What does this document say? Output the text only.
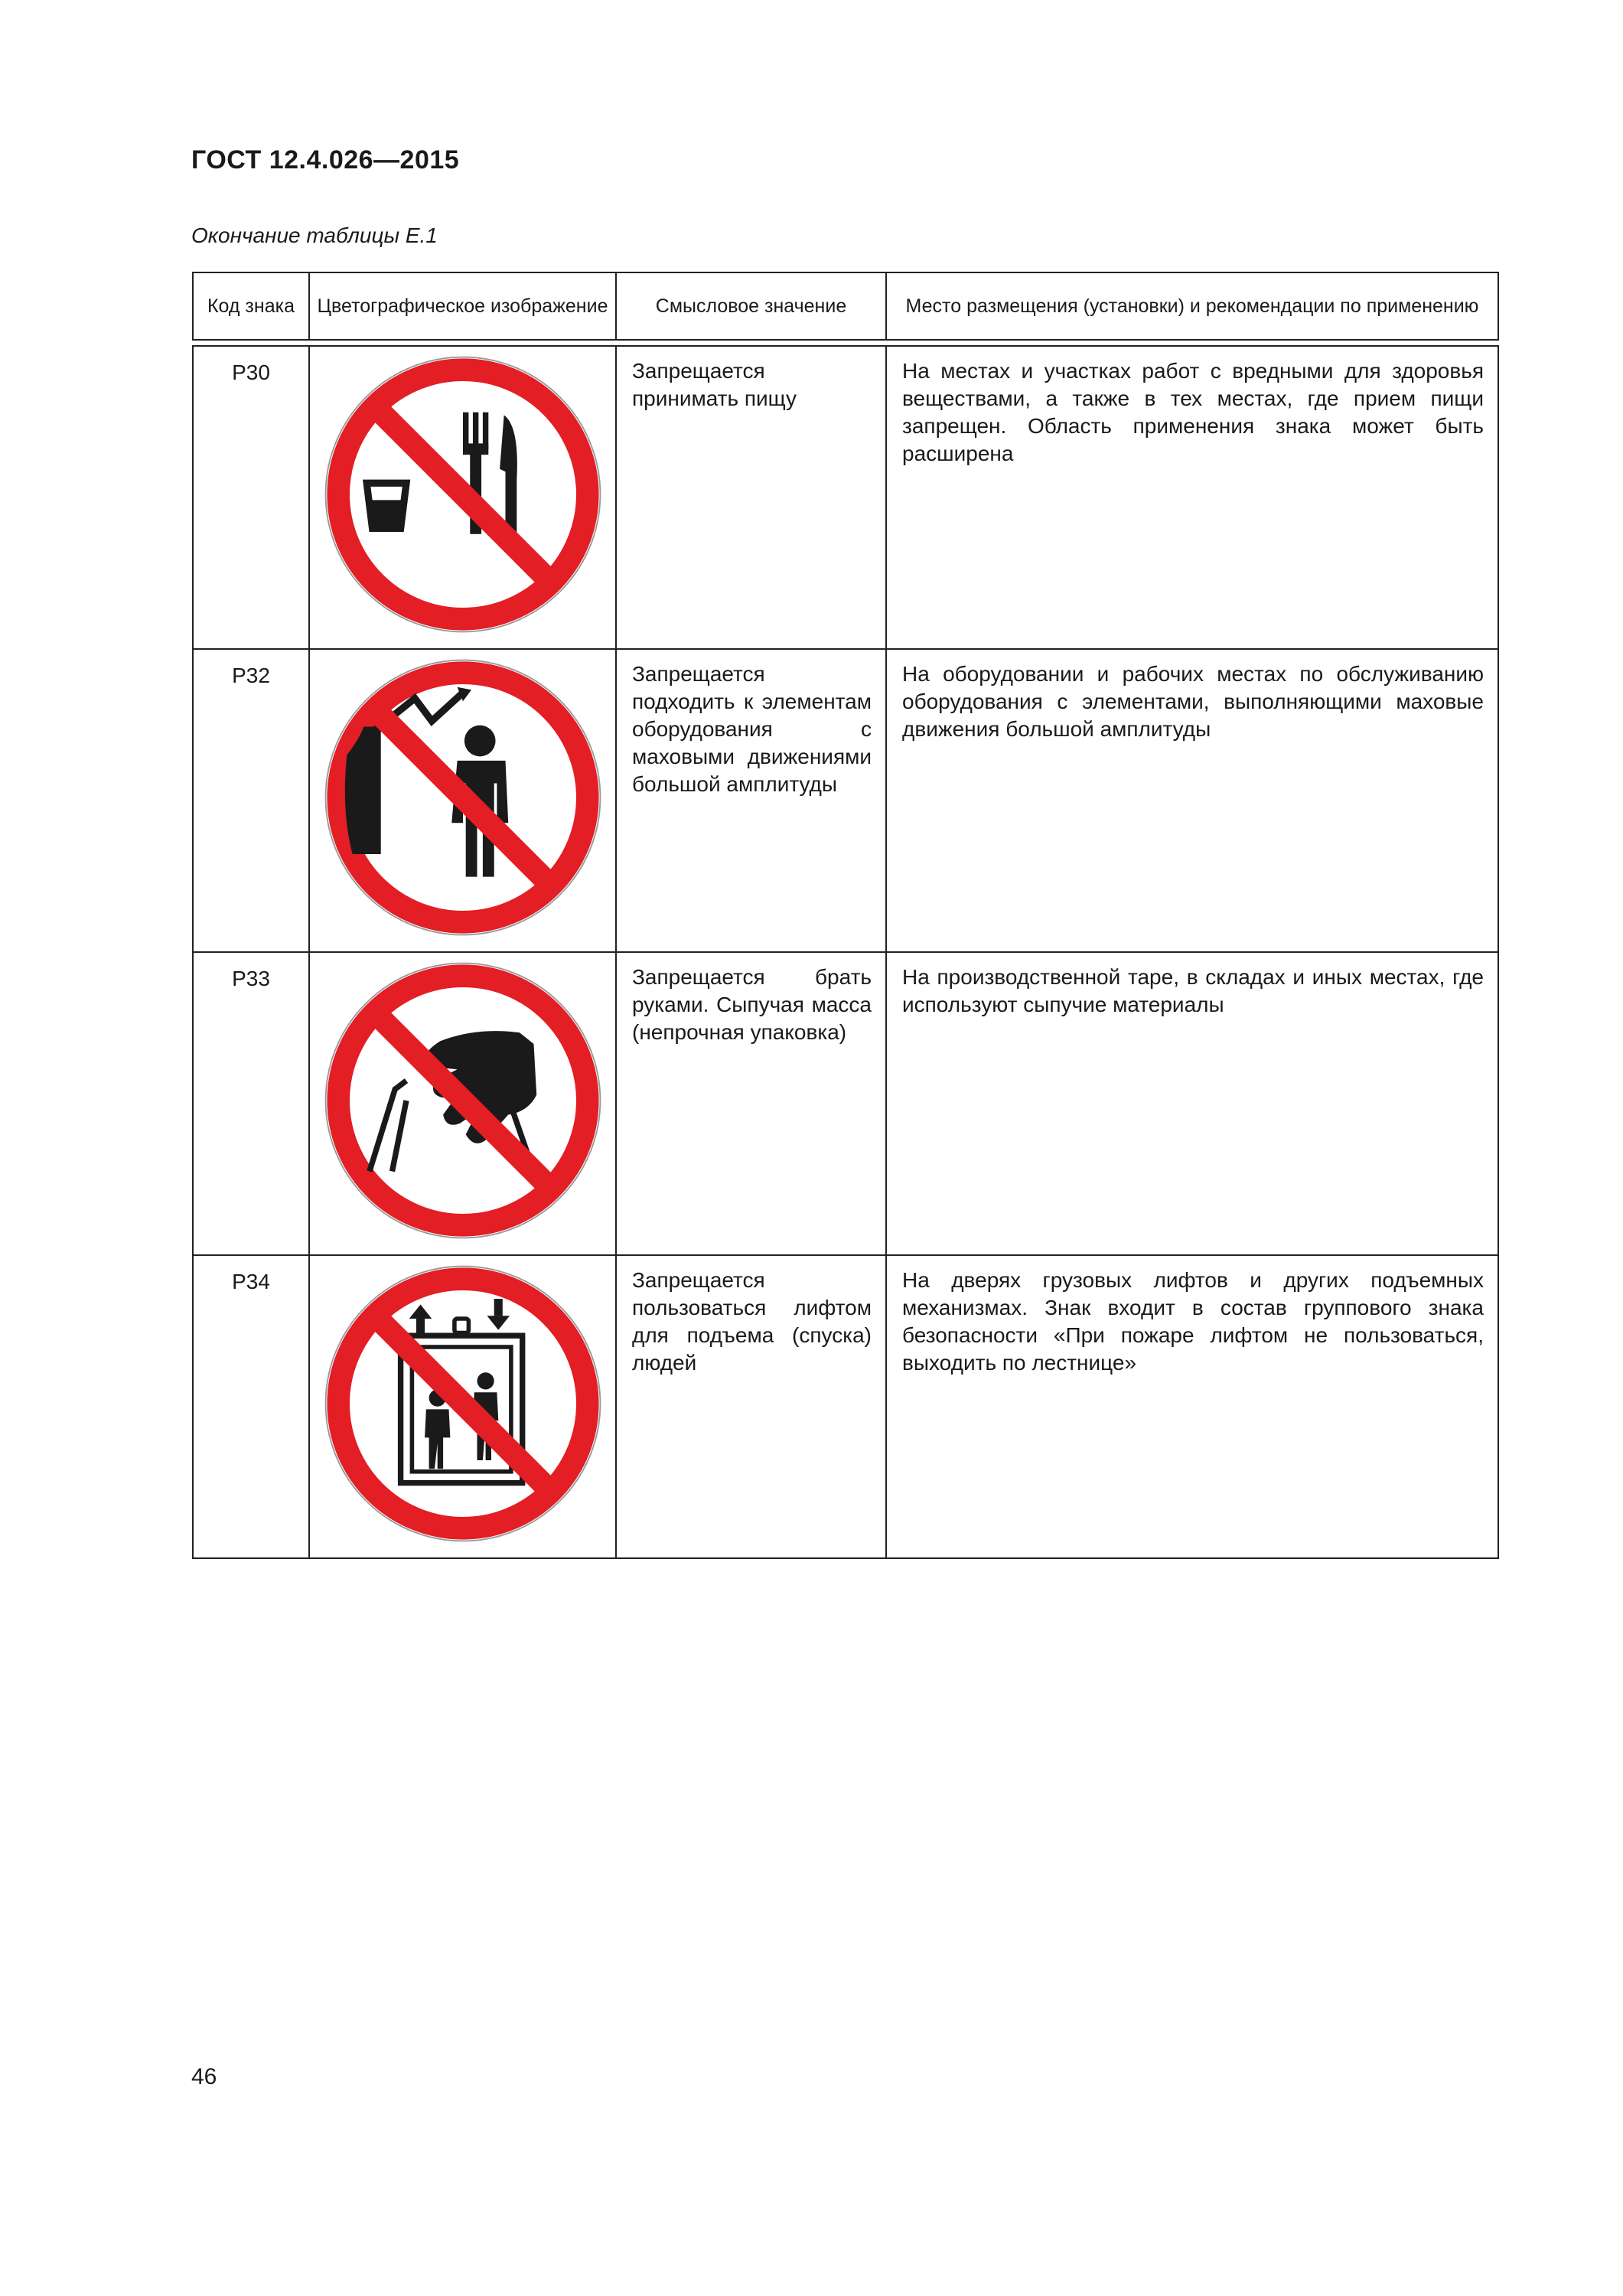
ГОСТ 12.4.026—2015
Окончание таблицы Е.1
Код знака	Цветографическое изображение	Смысловое значение	Место размещения (установки) и рекомендации по применению

P30		Запрещается принимать пищу	На местах и участках работ с вредными для здоровья веществами, а также в тех местах, где прием пищи запрещен. Область применения знака может быть расширена
P32		Запрещается подходить к элементам оборудования с маховыми движениями большой амплитуды	На оборудовании и рабочих местах по обслуживанию оборудования с элементами, выполняющими маховые движения большой амплитуды
P33		Запрещается брать руками. Сыпучая масса (непрочная упаковка)	На производственной таре, в складах и иных местах, где используют сыпучие материалы
P34		Запрещается пользоваться лифтом для подъема (спуска) людей	На дверях грузовых лифтов и других подъемных механизмах. Знак входит в состав группового знака безопасности «При пожаре лифтом не пользоваться, выходить по лестнице»
46
